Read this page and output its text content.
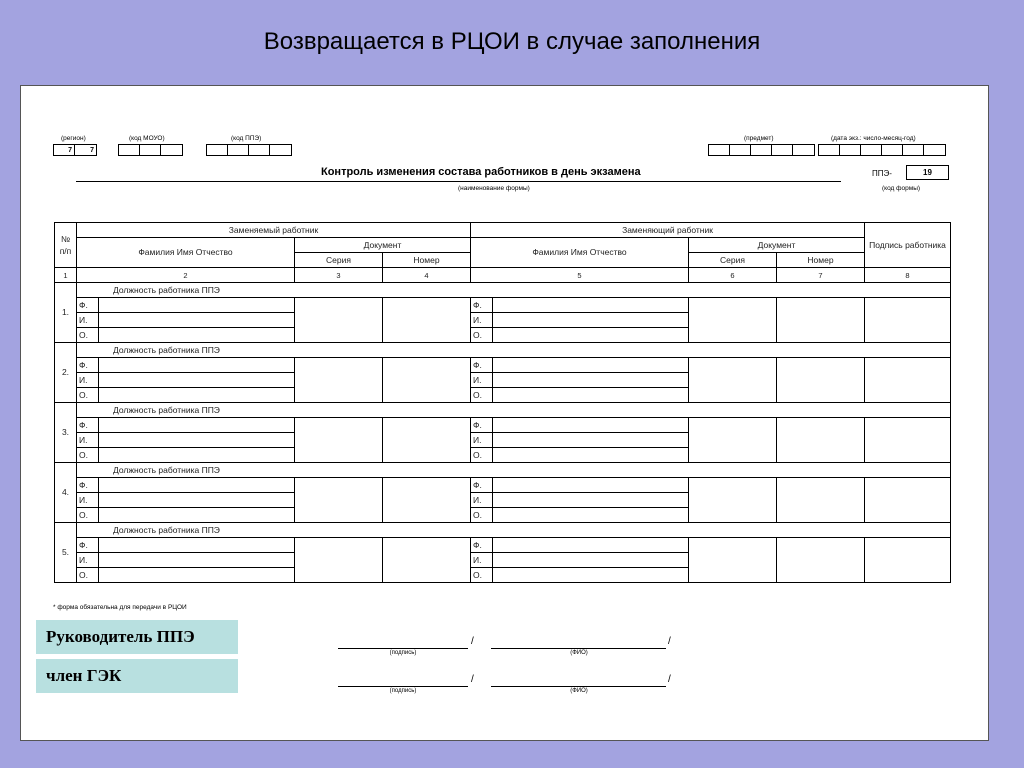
Возвращается в РЦОИ в случае заполнения
(регион)
7	7
(код МОУО)	(код ППЭ)	(предмет)	(дата экз.: число-месяц-год)
Контроль изменения состава работников в день экзамена
(наименование формы)
ППЭ-	19
(код формы)
№ п/п	Заменяемый работник				Заменяющий работник				Подпись работника
	Фамилия Имя Отчество		Документ		Фамилия Имя Отчество		Документ		
			Серия	Номер			Серия	Номер	
1	2		3	4	5		6	7	8
1.	Должность работника ППЭ								
	Ф.				Ф.				
	И.				И.				
	О.				О.				
2.	Должность работника ППЭ								
	Ф.				Ф.				
	И.				И.				
	О.				О.				
3.	Должность работника ППЭ								
	Ф.				Ф.				
	И.				И.				
	О.				О.				
4.	Должность работника ППЭ								
	Ф.				Ф.				
	И.				И.				
	О.				О.				
5.	Должность работника ППЭ								
	Ф.				Ф.				
	И.				И.				
	О.				О.				
* форма обязательна для передачи в РЦОИ
Руководитель ППЭ	/	/
(подпись)	(ФИО)
член ГЭК	/	/
(подпись)	(ФИО)
